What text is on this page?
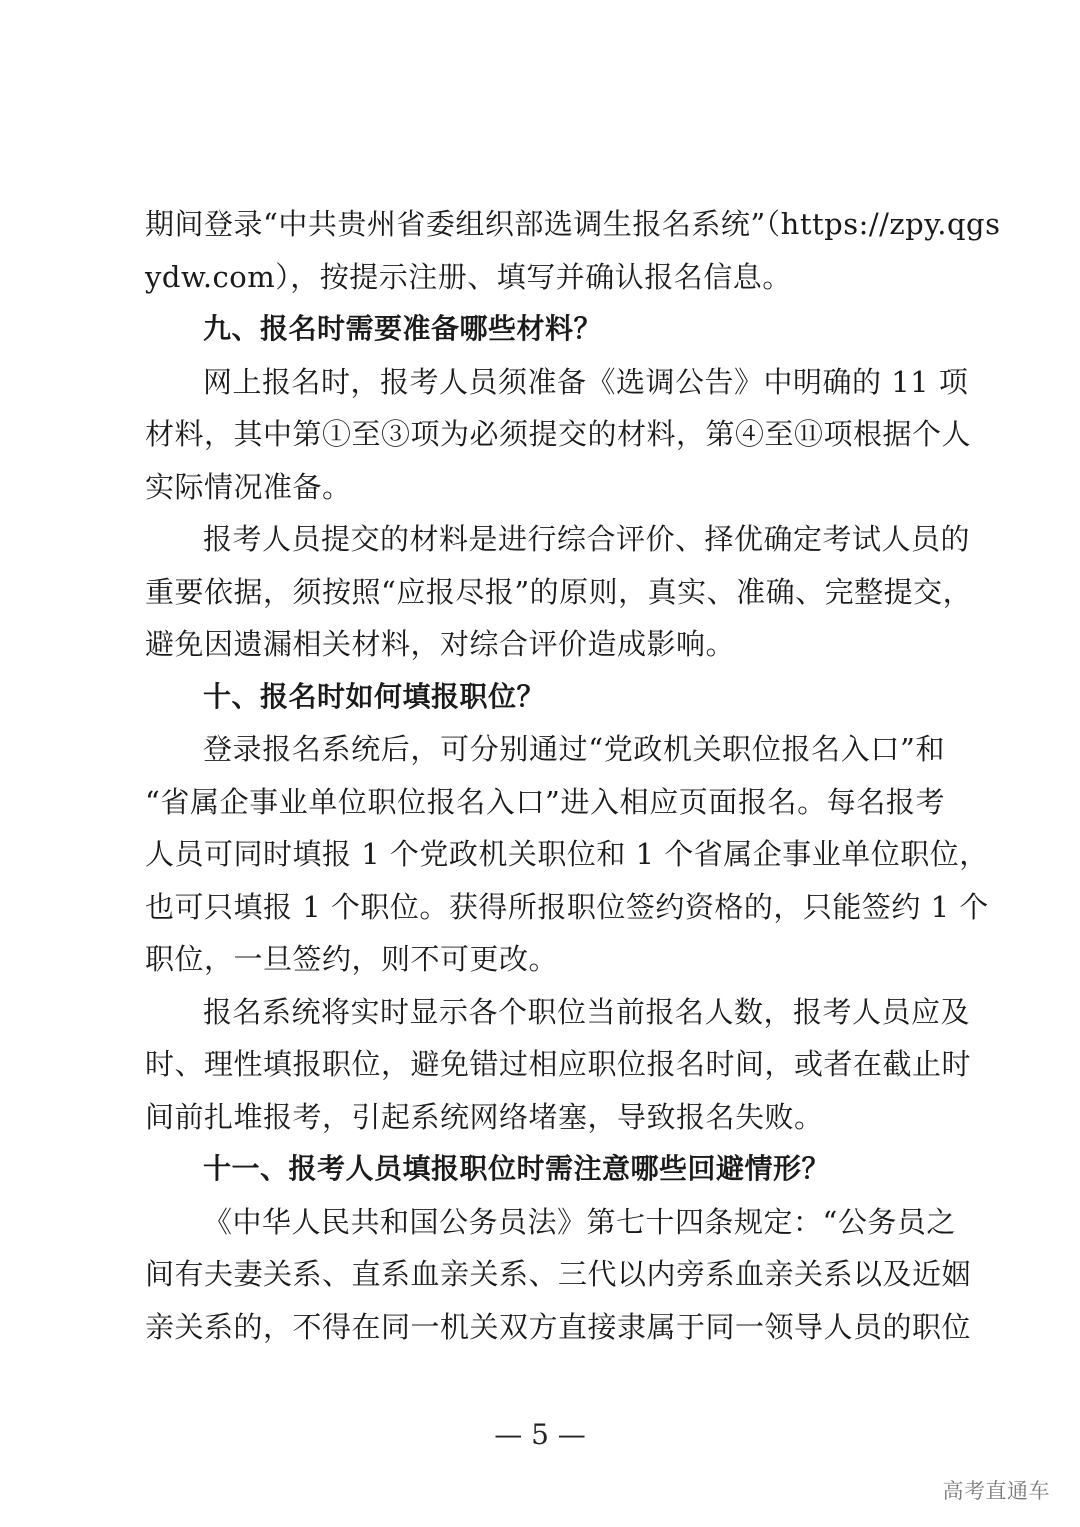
期间登录“中共贵州省委组织部选调生报名系统”（https://zpy.qgs
ydw.com），按提示注册、填写并确认报名信息。
九、报名时需要准备哪些材料？
网上报名时，报考人员须准备《选调公告》中明确的 11 项
材料，其中第①至③项为必须提交的材料，第④至⑪项根据个人
实际情况准备。
报考人员提交的材料是进行综合评价、择优确定考试人员的
重要依据，须按照“应报尽报”的原则，真实、准确、完整提交，
避免因遗漏相关材料，对综合评价造成影响。
十、报名时如何填报职位？
登录报名系统后，可分别通过“党政机关职位报名入口”和
“省属企事业单位职位报名入口”进入相应页面报名。每名报考
人员可同时填报 1 个党政机关职位和 1 个省属企事业单位职位，
也可只填报 1 个职位。获得所报职位签约资格的，只能签约 1 个
职位，一旦签约，则不可更改。
报名系统将实时显示各个职位当前报名人数，报考人员应及
时、理性填报职位，避免错过相应职位报名时间，或者在截止时
间前扎堆报考，引起系统网络堵塞，导致报名失败。
十一、报考人员填报职位时需注意哪些回避情形？
《中华人民共和国公务员法》第七十四条规定：“公务员之
间有夫妻关系、直系血亲关系、三代以内旁系血亲关系以及近姻
亲关系的，不得在同一机关双方直接隶属于同一领导人员的职位
— 5 —
高考直通车
